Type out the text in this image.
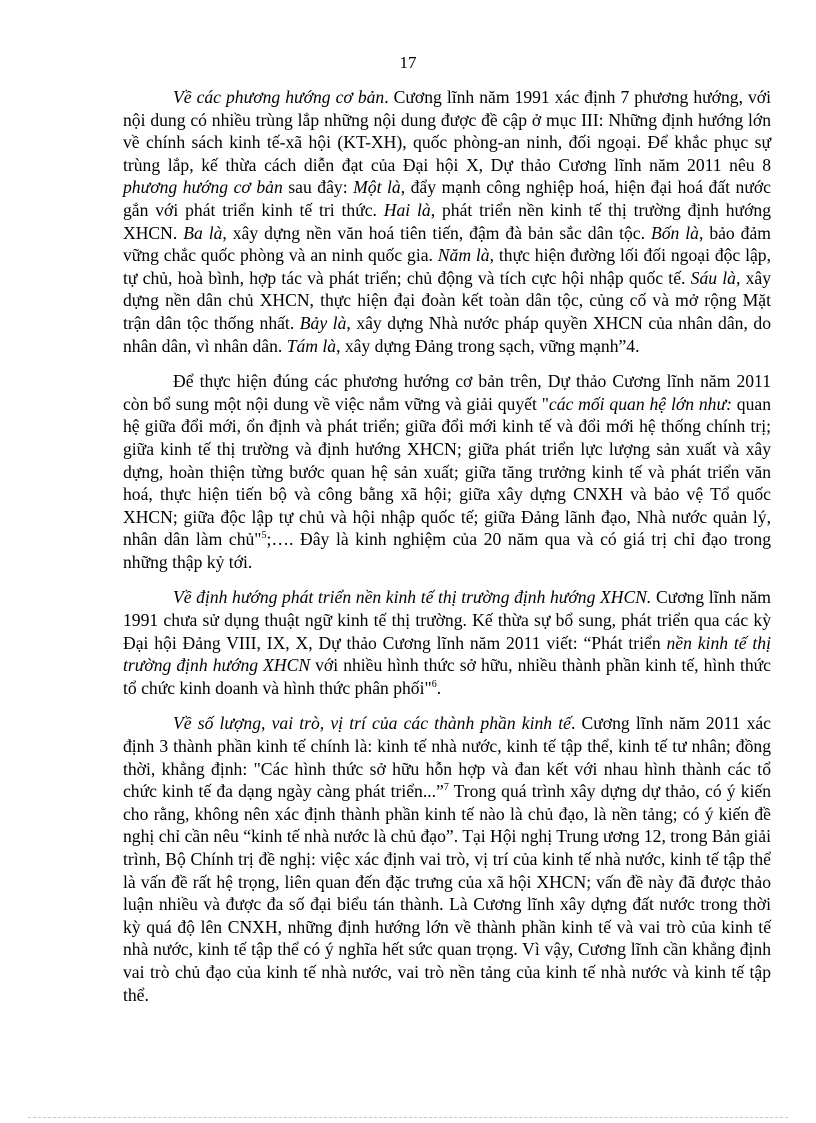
17

Về các phương hướng cơ bản. Cương lĩnh năm 1991 xác định 7 phương hướng, với nội dung có nhiều trùng lắp những nội dung được đề cập ở mục III: Những định hướng lớn về chính sách kinh tế-xã hội (KT-XH), quốc phòng-an ninh, đối ngoại. Để khắc phục sự trùng lắp, kế thừa cách diễn đạt của Đại hội X, Dự thảo Cương lĩnh năm 2011 nêu 8 phương hướng cơ bản sau đây: Một là, đẩy mạnh công nghiệp hoá, hiện đại hoá đất nước gắn với phát triển kinh tế tri thức. Hai là, phát triển nền kinh tế thị trường định hướng XHCN. Ba là, xây dựng nền văn hoá tiên tiến, đậm đà bản sắc dân tộc. Bốn là, bảo đảm vững chắc quốc phòng và an ninh quốc gia. Năm là, thực hiện đường lối đối ngoại độc lập, tự chủ, hoà bình, hợp tác và phát triển; chủ động và tích cực hội nhập quốc tế. Sáu là, xây dựng nền dân chủ XHCN, thực hiện đại đoàn kết toàn dân tộc, củng cố và mở rộng Mặt trận dân tộc thống nhất. Bảy là, xây dựng Nhà nước pháp quyền XHCN của nhân dân, do nhân dân, vì nhân dân. Tám là, xây dựng Đảng trong sạch, vững mạnh”4.

Để thực hiện đúng các phương hướng cơ bản trên, Dự thảo Cương lĩnh năm 2011 còn bổ sung một nội dung về việc nắm vững và giải quyết "các mối quan hệ lớn như: quan hệ giữa đổi mới, ổn định và phát triển; giữa đổi mới kinh tế và đổi mới hệ thống chính trị; giữa kinh tế thị trường và định hướng XHCN; giữa phát triển lực lượng sản xuất và xây dựng, hoàn thiện từng bước quan hệ sản xuất; giữa tăng trưởng kinh tế và phát triển văn hoá, thực hiện tiến bộ và công bằng xã hội; giữa xây dựng CNXH và bảo vệ Tổ quốc XHCN; giữa độc lập tự chủ và hội nhập quốc tế; giữa Đảng lãnh đạo, Nhà nước quản lý, nhân dân làm chủ"$^5$;…. Đây là kinh nghiệm của 20 năm qua và có giá trị chỉ đạo trong những thập kỷ tới.

Về định hướng phát triển nền kinh tế thị trường định hướng XHCN. Cương lĩnh năm 1991 chưa sử dụng thuật ngữ kinh tế thị trường. Kế thừa sự bổ sung, phát triển qua các kỳ Đại hội Đảng VIII, IX, X, Dự thảo Cương lĩnh năm 2011 viết: “Phát triển nền kinh tế thị trường định hướng XHCN với nhiều hình thức sở hữu, nhiều thành phần kinh tế, hình thức tổ chức kinh doanh và hình thức phân phối"$^6$.

Về số lượng, vai trò, vị trí của các thành phần kinh tế. Cương lĩnh năm 2011 xác định 3 thành phần kinh tế chính là: kinh tế nhà nước, kinh tế tập thể, kinh tế tư nhân; đồng thời, khẳng định: "Các hình thức sở hữu hỗn hợp và đan kết với nhau hình thành các tổ chức kinh tế đa dạng ngày càng phát triển...”$^7$ Trong quá trình xây dựng dự thảo, có ý kiến cho rằng, không nên xác định thành phần kinh tế nào là chủ đạo, là nền tảng; có ý kiến đề nghị chỉ cần nêu “kinh tế nhà nước là chủ đạo”. Tại Hội nghị Trung ương 12, trong Bản giải trình, Bộ Chính trị đề nghị: việc xác định vai trò, vị trí của kinh tế nhà nước, kinh tế tập thể là vấn đề rất hệ trọng, liên quan đến đặc trưng của xã hội XHCN; vấn đề này đã được thảo luận nhiều và được đa số đại biểu tán thành. Là Cương lĩnh xây dựng đất nước trong thời kỳ quá độ lên CNXH, những định hướng lớn về thành phần kinh tế và vai trò của kinh tế nhà nước, kinh tế tập thể có ý nghĩa hết sức quan trọng. Vì vậy, Cương lĩnh cần khẳng định vai trò chủ đạo của kinh tế nhà nước, vai trò nền tảng của kinh tế nhà nước và kinh tế tập thể.
